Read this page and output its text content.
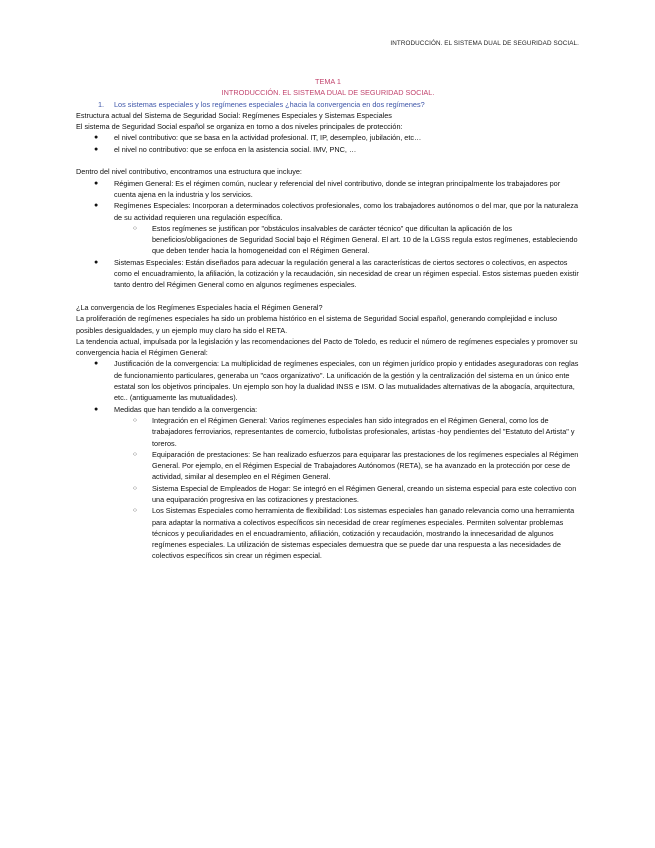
INTRODUCCIÓN. EL SISTEMA DUAL DE SEGURIDAD SOCIAL.

TEMA 1

INTRODUCCIÓN. EL SISTEMA DUAL DE SEGURIDAD SOCIAL.

1. Los sistemas especiales y los regímenes especiales ¿hacia la convergencia en dos regímenes?

Estructura actual del Sistema de Seguridad Social: Regímenes Especiales y Sistemas Especiales

El sistema de Seguridad Social español se organiza en torno a dos niveles principales de protección:

● el nivel contributivo: que se basa en la actividad profesional. IT, IP, desempleo, jubilación, etc…
● el nivel no contributivo: que se enfoca en la asistencia social. IMV, PNC, …

Dentro del nivel contributivo, encontramos una estructura que incluye:

● Régimen General: Es el régimen común, nuclear y referencial del nivel contributivo, donde se integran principalmente los trabajadores por cuenta ajena en la industria y los servicios.
● Regímenes Especiales: Incorporan a determinados colectivos profesionales, como los trabajadores autónomos o del mar, que por la naturaleza de su actividad requieren una regulación específica.
○ Estos regímenes se justifican por "obstáculos insalvables de carácter técnico" que dificultan la aplicación de los beneficios/obligaciones de Seguridad Social bajo el Régimen General. El art. 10 de la LGSS regula estos regímenes, estableciendo que deben tender hacia la homogeneidad con el Régimen General.
● Sistemas Especiales: Están diseñados para adecuar la regulación general a las características de ciertos sectores o colectivos, en aspectos como el encuadramiento, la afiliación, la cotización y la recaudación, sin necesidad de crear un régimen especial. Estos sistemas pueden existir tanto dentro del Régimen General como en algunos regímenes especiales.

¿La convergencia de los Regímenes Especiales hacia el Régimen General?

La proliferación de regímenes especiales ha sido un problema histórico en el sistema de Seguridad Social español, generando complejidad e incluso posibles desigualdades, y un ejemplo muy claro ha sido el RETA.

La tendencia actual, impulsada por la legislación y las recomendaciones del Pacto de Toledo, es reducir el número de regímenes especiales y promover su convergencia hacia el Régimen General:

● Justificación de la convergencia: La multiplicidad de regímenes especiales, con un régimen jurídico propio y entidades aseguradoras con reglas de funcionamiento particulares, generaba un "caos organizativo". La unificación de la gestión y la centralización del sistema en un único ente estatal son los objetivos principales. Un ejemplo son hoy la dualidad INSS e ISM. O las mutualidades alternativas de la abogacía, arquitectura, etc.. (antiguamente las mutualidades).
● Medidas que han tendido a la convergencia:
○ Integración en el Régimen General: Varios regímenes especiales han sido integrados en el Régimen General, como los de trabajadores ferroviarios, representantes de comercio, futbolistas profesionales, artistas -hoy pendientes del "Estatuto del Artista" y toreros.
○ Equiparación de prestaciones: Se han realizado esfuerzos para equiparar las prestaciones de los regímenes especiales al Régimen General. Por ejemplo, en el Régimen Especial de Trabajadores Autónomos (RETA), se ha avanzado en la protección por cese de actividad, similar al desempleo en el Régimen General.
○ Sistema Especial de Empleados de Hogar: Se integró en el Régimen General, creando un sistema especial para este colectivo con una equiparación progresiva en las cotizaciones y prestaciones.
○ Los Sistemas Especiales como herramienta de flexibilidad: Los sistemas especiales han ganado relevancia como una herramienta para adaptar la normativa a colectivos específicos sin necesidad de crear regímenes especiales. Permiten solventar problemas técnicos y peculiaridades en el encuadramiento, afiliación, cotización y recaudación, mostrando la innecesaridad de algunos regímenes especiales. La utilización de sistemas especiales demuestra que se puede dar una respuesta a las necesidades de colectivos específicos sin crear un régimen especial.
